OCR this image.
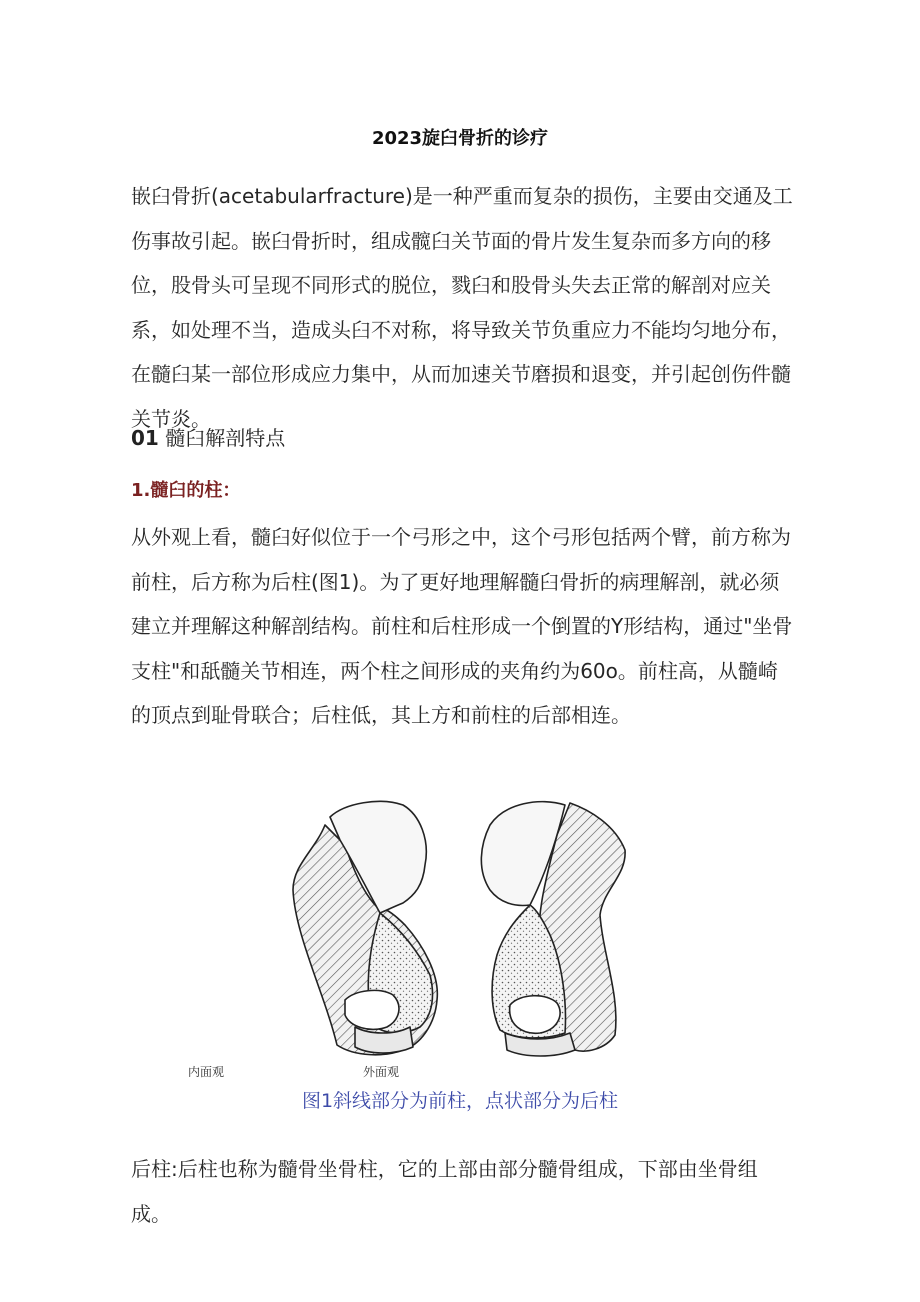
2023旋臼骨折的诊疗

嵌臼骨折(acetabularfracture)是一种严重而复杂的损伤，主要由交通及工伤事故引起。嵌臼骨折时，组成髋臼关节面的骨片发生复杂而多方向的移位，股骨头可呈现不同形式的脱位，戮臼和股骨头失去正常的解剖对应关系，如处理不当，造成头臼不对称，将导致关节负重应力不能均匀地分布，在髓臼某一部位形成应力集中，从而加速关节磨损和退变，并引起创伤件髓关节炎。

01 髓臼解剖特点
1.髓臼的柱：

从外观上看，髓臼好似位于一个弓形之中，这个弓形包括两个臂，前方称为前柱，后方称为后柱(图1)。为了更好地理解髓臼骨折的病理解剖，就必须建立并理解这种解剖结构。前柱和后柱形成一个倒置的Y形结构，通过"坐骨支柱"和舐髓关节相连，两个柱之间形成的夹角约为60o。前柱高，从髓崎的顶点到耻骨联合；后柱低，其上方和前柱的后部相连。

内面观	外面观
图1斜线部分为前柱，点状部分为后柱

后柱:后柱也称为髓骨坐骨柱，它的上部由部分髓骨组成，下部由坐骨组成。
